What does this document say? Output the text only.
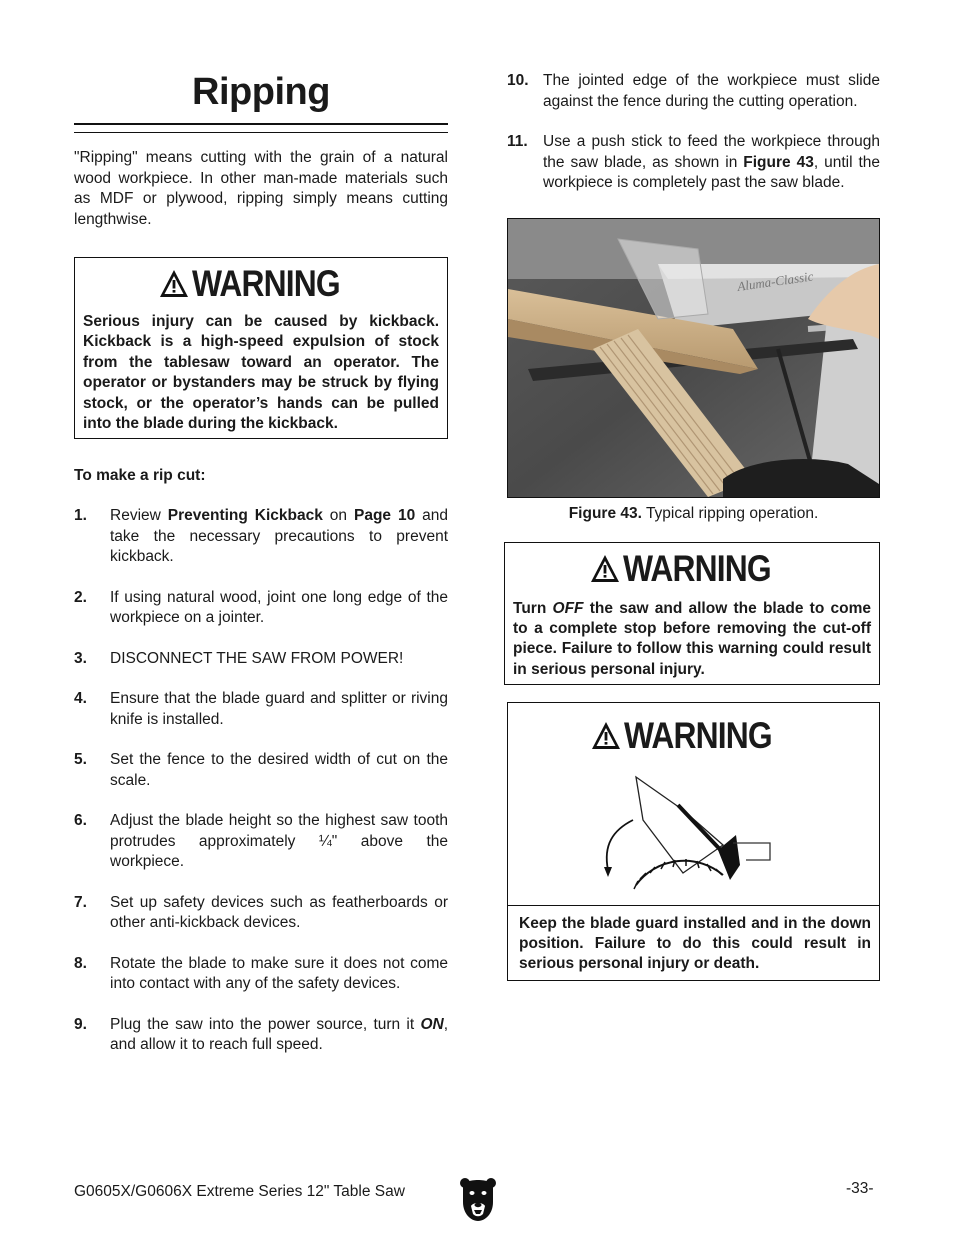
Ripping

"Ripping" means cutting with the grain of a natural wood workpiece. In other man-made materials such as MDF or plywood, ripping simply means cutting lengthwise.

WARNING

Serious injury can be caused by kickback. Kickback is a high-speed expulsion of stock from the tablesaw toward an operator. The operator or bystanders may be struck by flying stock, or the operator’s hands can be pulled into the blade during the kickback.

To make a rip cut:
1.	Review Preventing Kickback on Page 10 and take the necessary precautions to prevent kickback.
2.	If using natural wood, joint one long edge of the workpiece on a jointer.
3.	DISCONNECT THE SAW FROM POWER!
4.	Ensure that the blade guard and splitter or riving knife is installed.
5.	Set the fence to the desired width of cut on the scale.
6.	Adjust the blade height so the highest saw tooth protrudes approximately ¼" above the workpiece.
7.	Set up safety devices such as featherboards or other anti-kickback devices.
8.	Rotate the blade to make sure it does not come into contact with any of the safety devices.
9.	Plug the saw into the power source, turn it ON, and allow it to reach full speed.
10. The jointed edge of the workpiece must slide against the fence during the cutting operation.
11. Use a push stick to feed the workpiece through the saw blade, as shown in Figure 43, until the workpiece is completely past the saw blade.
Aluma-Classic
Figure 43. Typical ripping operation.
WARNING

Turn OFF the saw and allow the blade to come to a complete stop before removing the cut-off piece. Failure to follow this warning could result in serious personal injury.

WARNING

Keep the blade guard installed and in the down position. Failure to do this could result in serious personal injury or death.

G0605X/G0606X Extreme Series 12" Table Saw	-33-
